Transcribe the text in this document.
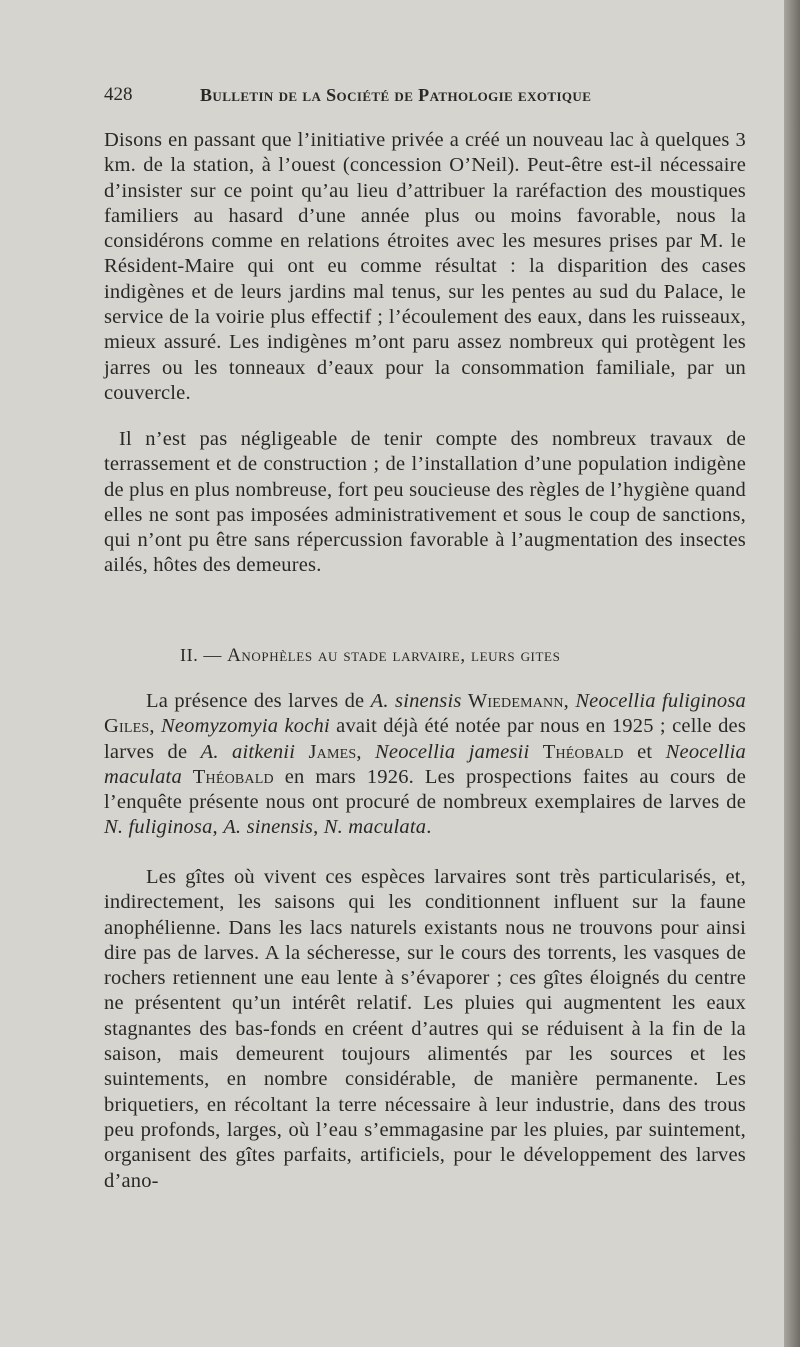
428	Bulletin de la Société de Pathologie exotique

Disons en passant que l’initiative privée a créé un nouveau lac à quelques 3 km. de la station, à l’ouest (concession O’Neil). Peut-être est-il nécessaire d’insister sur ce point qu’au lieu d’attribuer la raréfaction des moustiques familiers au hasard d’une année plus ou moins favorable, nous la considérons comme en relations étroites avec les mesures prises par M. le Résident-Maire qui ont eu comme résultat : la disparition des cases indigènes et de leurs jardins mal tenus, sur les pentes au sud du Palace, le service de la voirie plus effectif ; l’écoulement des eaux, dans les ruisseaux, mieux assuré. Les indigènes m’ont paru assez nombreux qui protègent les jarres ou les tonneaux d’eaux pour la consommation familiale, par un couvercle.

Il n’est pas négligeable de tenir compte des nombreux travaux de terrassement et de construction ; de l’installation d’une population indigène de plus en plus nombreuse, fort peu soucieuse des règles de l’hygiène quand elles ne sont pas imposées administrativement et sous le coup de sanctions, qui n’ont pu être sans répercussion favorable à l’augmentation des insectes ailés, hôtes des demeures.

II. — Anophèles au stade larvaire, leurs gites

La présence des larves de A. sinensis Wiedemann, Neocellia fuliginosa Giles, Neomyzomyia kochi avait déjà été notée par nous en 1925 ; celle des larves de A. aitkenii James, Neocellia jamesii Théobald et Neocellia maculata Théobald en mars 1926. Les prospections faites au cours de l’enquête présente nous ont procuré de nombreux exemplaires de larves de N. fuliginosa, A. sinensis, N. maculata.

Les gîtes où vivent ces espèces larvaires sont très particularisés, et, indirectement, les saisons qui les conditionnent influent sur la faune anophélienne. Dans les lacs naturels existants nous ne trouvons pour ainsi dire pas de larves. A la sécheresse, sur le cours des torrents, les vasques de rochers retiennent une eau lente à s’évaporer ; ces gîtes éloignés du centre ne présentent qu’un intérêt relatif. Les pluies qui augmentent les eaux stagnantes des bas-fonds en créent d’autres qui se réduisent à la fin de la saison, mais demeurent toujours alimentés par les sources et les suintements, en nombre considérable, de manière permanente. Les briquetiers, en récoltant la terre nécessaire à leur industrie, dans des trous peu profonds, larges, où l’eau s’emmagasine par les pluies, par suintement, organisent des gîtes parfaits, artificiels, pour le développement des larves d’ano-
